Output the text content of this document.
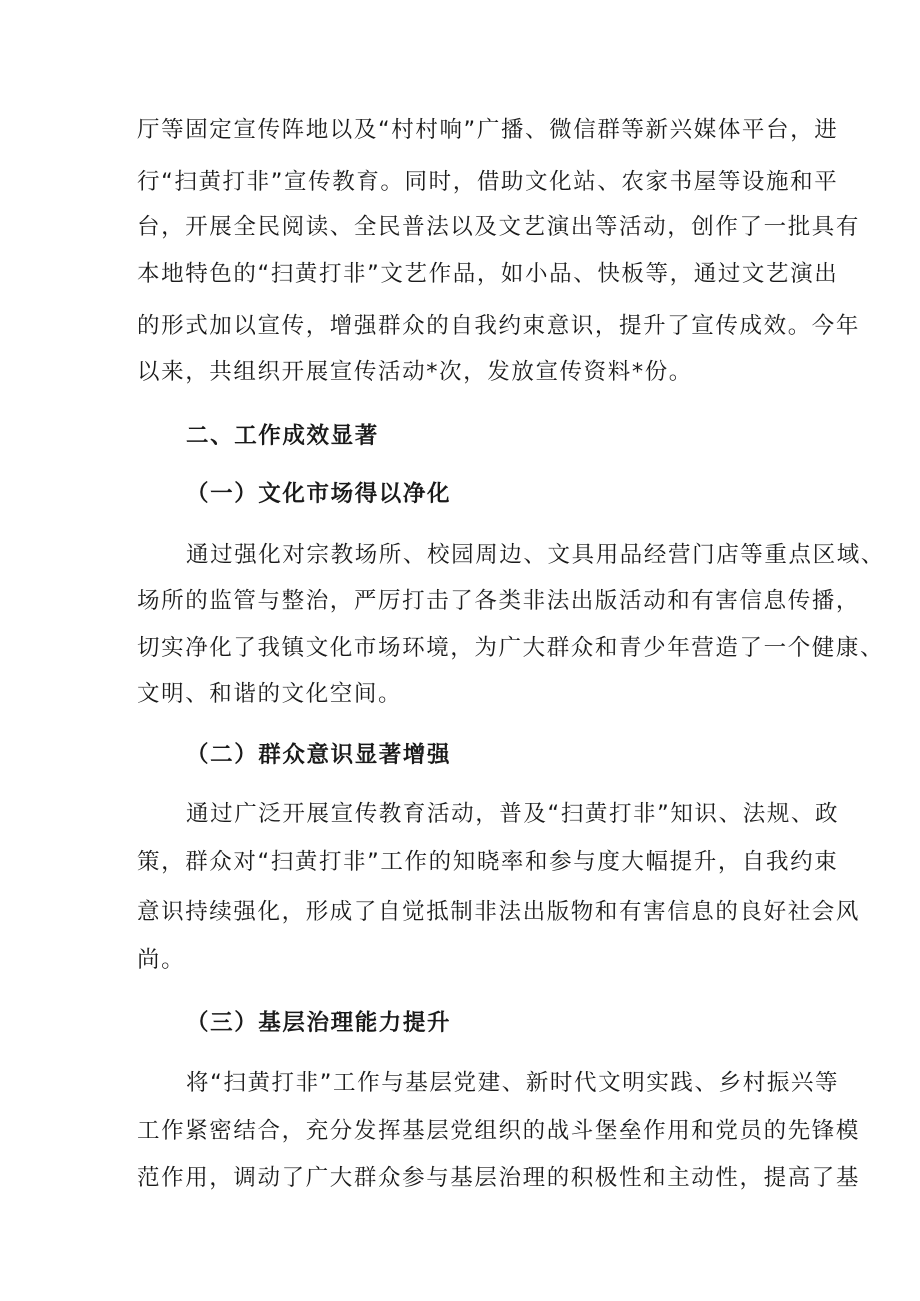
厅等固定宣传阵地以及“村村响”广播、微信群等新兴媒体平台，进
行“扫黄打非”宣传教育。同时，借助文化站、农家书屋等设施和平
台，开展全民阅读、全民普法以及文艺演出等活动，创作了一批具有
本地特色的“扫黄打非”文艺作品，如小品、快板等，通过文艺演出
的形式加以宣传，增强群众的自我约束意识，提升了宣传成效。今年
以来，共组织开展宣传活动*次，发放宣传资料*份。
二、工作成效显著
（一）文化市场得以净化
通过强化对宗教场所、校园周边、文具用品经营门店等重点区域、
场所的监管与整治，严厉打击了各类非法出版活动和有害信息传播，
切实净化了我镇文化市场环境，为广大群众和青少年营造了一个健康、
文明、和谐的文化空间。
（二）群众意识显著增强
通过广泛开展宣传教育活动，普及“扫黄打非”知识、法规、政
策，群众对“扫黄打非”工作的知晓率和参与度大幅提升，自我约束
意识持续强化，形成了自觉抵制非法出版物和有害信息的良好社会风
尚。
（三）基层治理能力提升
将“扫黄打非”工作与基层党建、新时代文明实践、乡村振兴等
工作紧密结合，充分发挥基层党组织的战斗堡垒作用和党员的先锋模
范作用，调动了广大群众参与基层治理的积极性和主动性，提高了基
